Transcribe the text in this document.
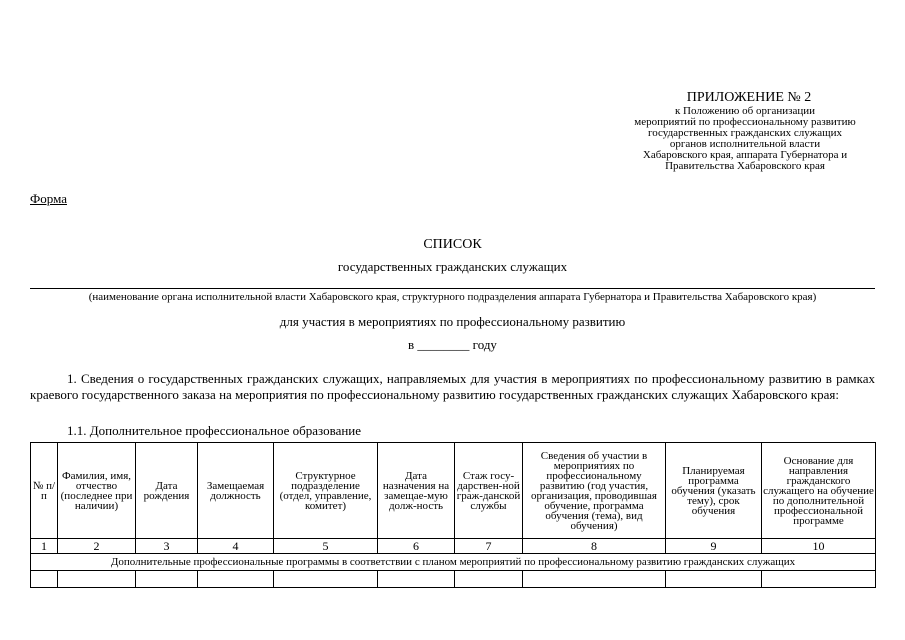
ПРИЛОЖЕНИЕ № 2
к Положению об организации
мероприятий по профессиональному развитию
государственных гражданских служащих
органов исполнительной власти
Хабаровского края, аппарата Губернатора и
Правительства Хабаровского края
Форма
СПИСОК
государственных гражданских служащих
(наименование органа исполнительной власти Хабаровского края, структурного подразделения аппарата Губернатора и Правительства Хабаровского края)
для участия в мероприятиях по профессиональному развитию
в ________ году
1. Сведения о государственных гражданских служащих, направляемых для участия в мероприятиях по профессиональному развитию в рамках краевого государственного заказа на мероприятия по профессиональному развитию государственных гражданских служащих Хабаровского края:
1.1. Дополнительное профессиональное образование
№ п/п	Фамилия, имя, отчество (последнее при наличии)	Дата рождения	Замещаемая должность	Структурное подразделение (отдел, управление, комитет)	Дата назначения на замещае-мую долж-ность	Стаж госу-дарствен-ной граж-данской службы	Сведения об участии в мероприятиях по профессиональному развитию (год участия, организация, проводившая обучение, программа обучения (тема), вид обучения)	Планируемая программа обучения (указать тему), срок обучения	Основание для направления гражданского служащего на обучение по дополнительной профессиональной программе
1	2	3	4	5	6	7	8	9	10
Дополнительные профессиональные программы в соответствии с планом мероприятий по профессиональному развитию гражданских служащих									
